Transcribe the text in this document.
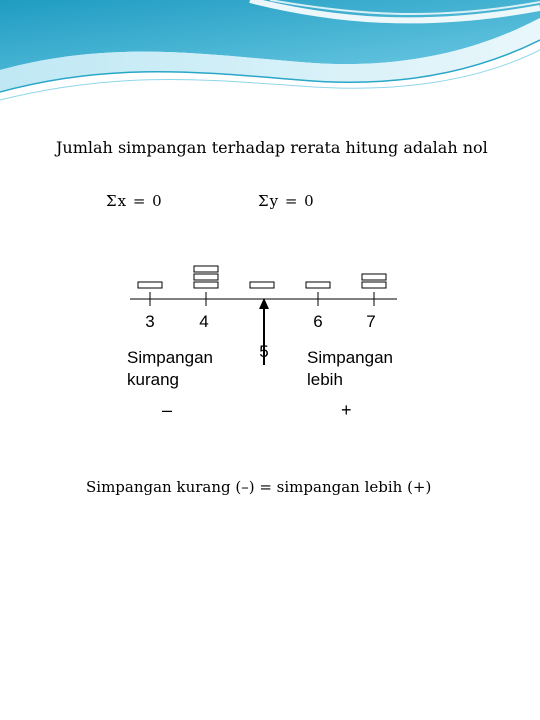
Jumlah simpangan terhadap rerata hitung adalah nol
Σx = 0	Σy = 0
3	4	6	7
5
Simpangan kurang
Simpangan lebih
–	+
Simpangan kurang (–) = simpangan lebih (+)
